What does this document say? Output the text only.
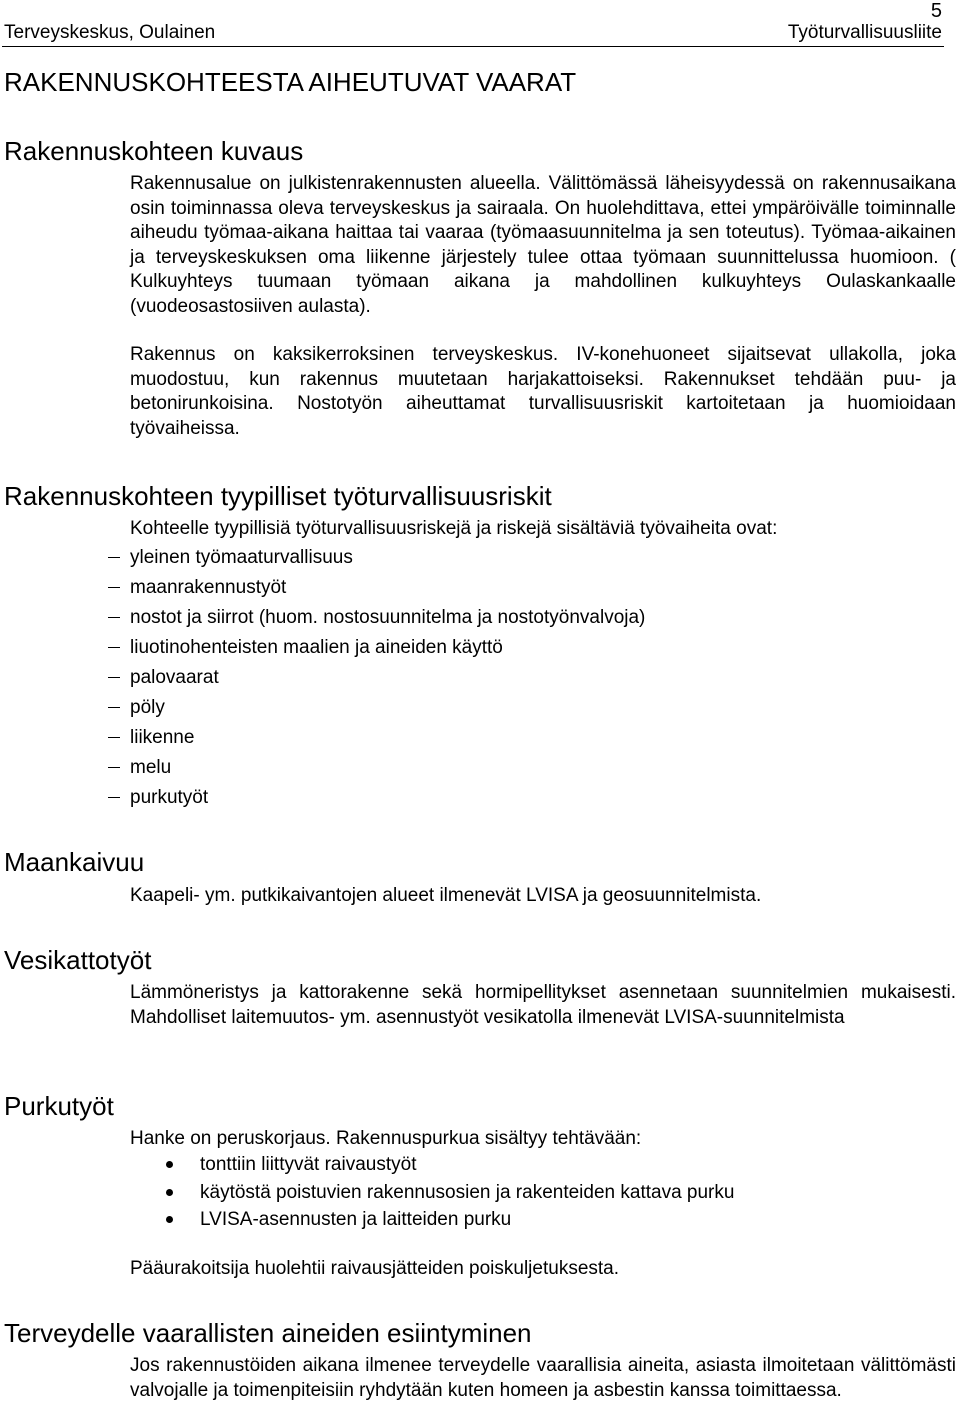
5
Terveyskeskus, Oulainen	Työturvallisuusliite
RAKENNUSKOHTEESTA AIHEUTUVAT VAARAT
Rakennuskohteen kuvaus

Rakennusalue on julkistenrakennusten alueella. Välittömässä läheisyydessä on rakennusaikana osin toiminnassa oleva terveyskeskus ja sairaala. On huolehdittava, ettei ympäröivälle toiminnalle aiheudu työmaa-aikana haittaa tai vaaraa (työmaasuunnitelma ja sen toteutus). Työmaa-aikainen ja terveyskeskuksen oma liikenne järjestely tulee ottaa työmaan suunnittelussa huomioon. ( Kulkuyhteys tuumaan työmaan aikana ja mahdollinen kulkuyhteys Oulaskankaalle (vuodeosastosiiven aulasta).

Rakennus on kaksikerroksinen terveyskeskus. IV-konehuoneet sijaitsevat ullakolla, joka muodostuu, kun rakennus muutetaan harjakattoiseksi. Rakennukset tehdään puu- ja betonirunkoisina. Nostotyön aiheuttamat turvallisuusriskit kartoitetaan ja huomioidaan työvaiheissa.

Rakennuskohteen tyypilliset työturvallisuusriskit
Kohteelle tyypillisiä työturvallisuusriskejä ja riskejä sisältäviä työvaiheita ovat:
yleinen työmaaturvallisuus
maanrakennustyöt
nostot ja siirrot (huom. nostosuunnitelma ja nostotyönvalvoja)
liuotinohenteisten maalien ja aineiden käyttö
palovaarat
pöly
liikenne
melu
purkutyöt
Maankaivuu
Kaapeli- ym. putkikaivantojen alueet ilmenevät LVISA ja geosuunnitelmista.
Vesikattotyöt

Lämmöneristys ja kattorakenne sekä hormipellitykset asennetaan suunnitelmien mukaisesti. Mahdolliset laitemuutos- ym. asennustyöt vesikatolla ilmenevät LVISA-suunnitelmista

Purkutyöt
Hanke on peruskorjaus. Rakennuspurkua sisältyy tehtävään:
tonttiin liittyvät raivaustyöt
käytöstä poistuvien rakennusosien ja rakenteiden kattava purku
LVISA-asennusten ja laitteiden purku
Pääurakoitsija huolehtii raivausjätteiden poiskuljetuksesta.
Terveydelle vaarallisten aineiden esiintyminen

Jos rakennustöiden aikana ilmenee terveydelle vaarallisia aineita, asiasta ilmoitetaan välittömästi valvojalle ja toimenpiteisiin ryhdytään kuten homeen ja asbestin kanssa toimittaessa.
